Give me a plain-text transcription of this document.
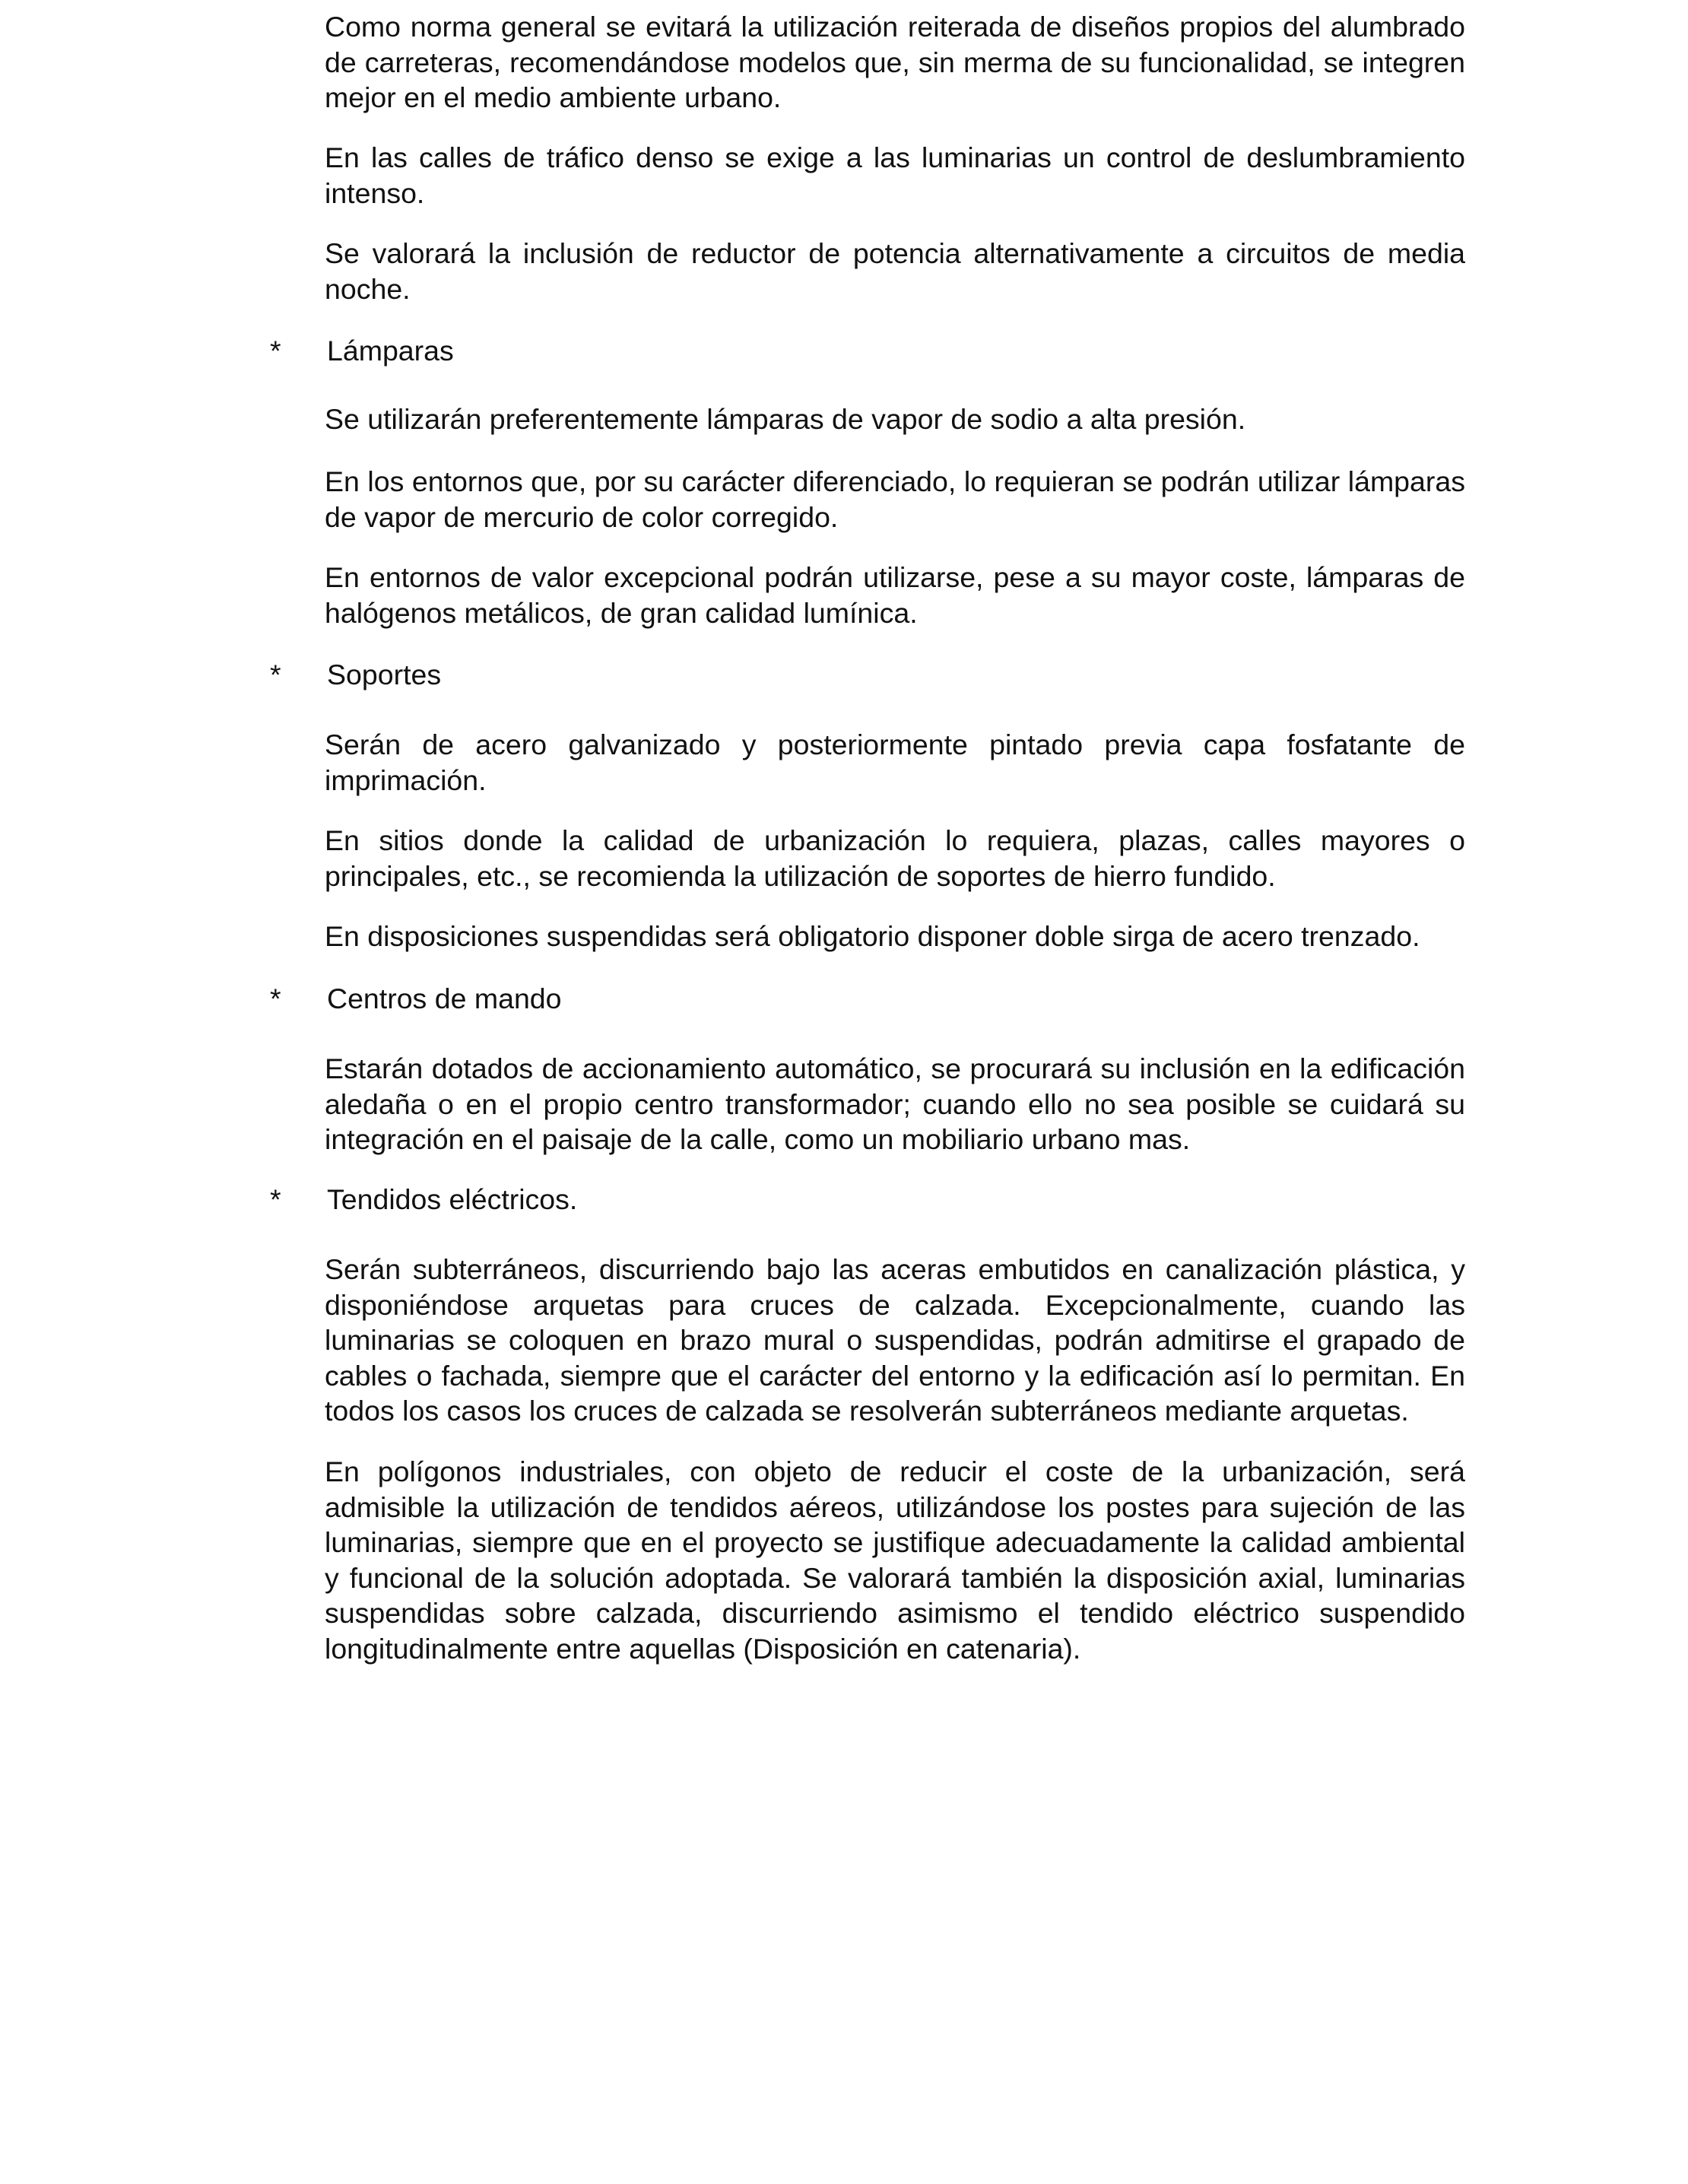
Como norma general se evitará la utilización reiterada de diseños propios del alumbrado de carreteras, recomendándose modelos que, sin merma de su funcionalidad, se integren mejor en el medio ambiente urbano.

En las calles de tráfico denso se exige a las luminarias un control de deslumbramiento intenso.

Se valorará la inclusión de reductor de potencia alternativamente a circuitos de media noche.

* Lámparas

Se utilizarán preferentemente lámparas de vapor de sodio a alta presión.

En los entornos que, por su carácter diferenciado, lo requieran se podrán utilizar lámparas de vapor de mercurio de color corregido.

En entornos de valor excepcional podrán utilizarse, pese a su mayor coste, lámparas de halógenos metálicos, de gran calidad lumínica.

* Soportes

Serán de acero galvanizado y posteriormente pintado previa capa fosfatante de imprimación.

En sitios donde la calidad de urbanización lo requiera, plazas, calles mayores o principales, etc., se recomienda la utilización de soportes de hierro fundido.

En disposiciones suspendidas será obligatorio disponer doble sirga de acero trenzado.

* Centros de mando

Estarán dotados de accionamiento automático, se procurará su inclusión en la edificación aledaña o en el propio centro transformador; cuando ello no sea posible se cuidará su integración en el paisaje de la calle, como un mobiliario urbano mas.

* Tendidos eléctricos.

Serán subterráneos, discurriendo bajo las aceras embutidos en canalización plástica, y disponiéndose arquetas para cruces de calzada. Excepcionalmente, cuando las luminarias se coloquen en brazo mural o suspendidas, podrán admitirse el grapado de cables o fachada, siempre que el carácter del entorno y la edificación así lo permitan. En todos los casos los cruces de calzada se resolverán subterráneos mediante arquetas.

En polígonos industriales, con objeto de reducir el coste de la urbanización, será admisible la utilización de tendidos aéreos, utilizándose los postes para sujeción de las luminarias, siempre que en el proyecto se justifique adecuadamente la calidad ambiental y funcional de la solución adoptada. Se valorará también la disposición axial, luminarias suspendidas sobre calzada, discurriendo asimismo el tendido eléctrico suspendido longitudinalmente entre aquellas (Disposición en catenaria).
